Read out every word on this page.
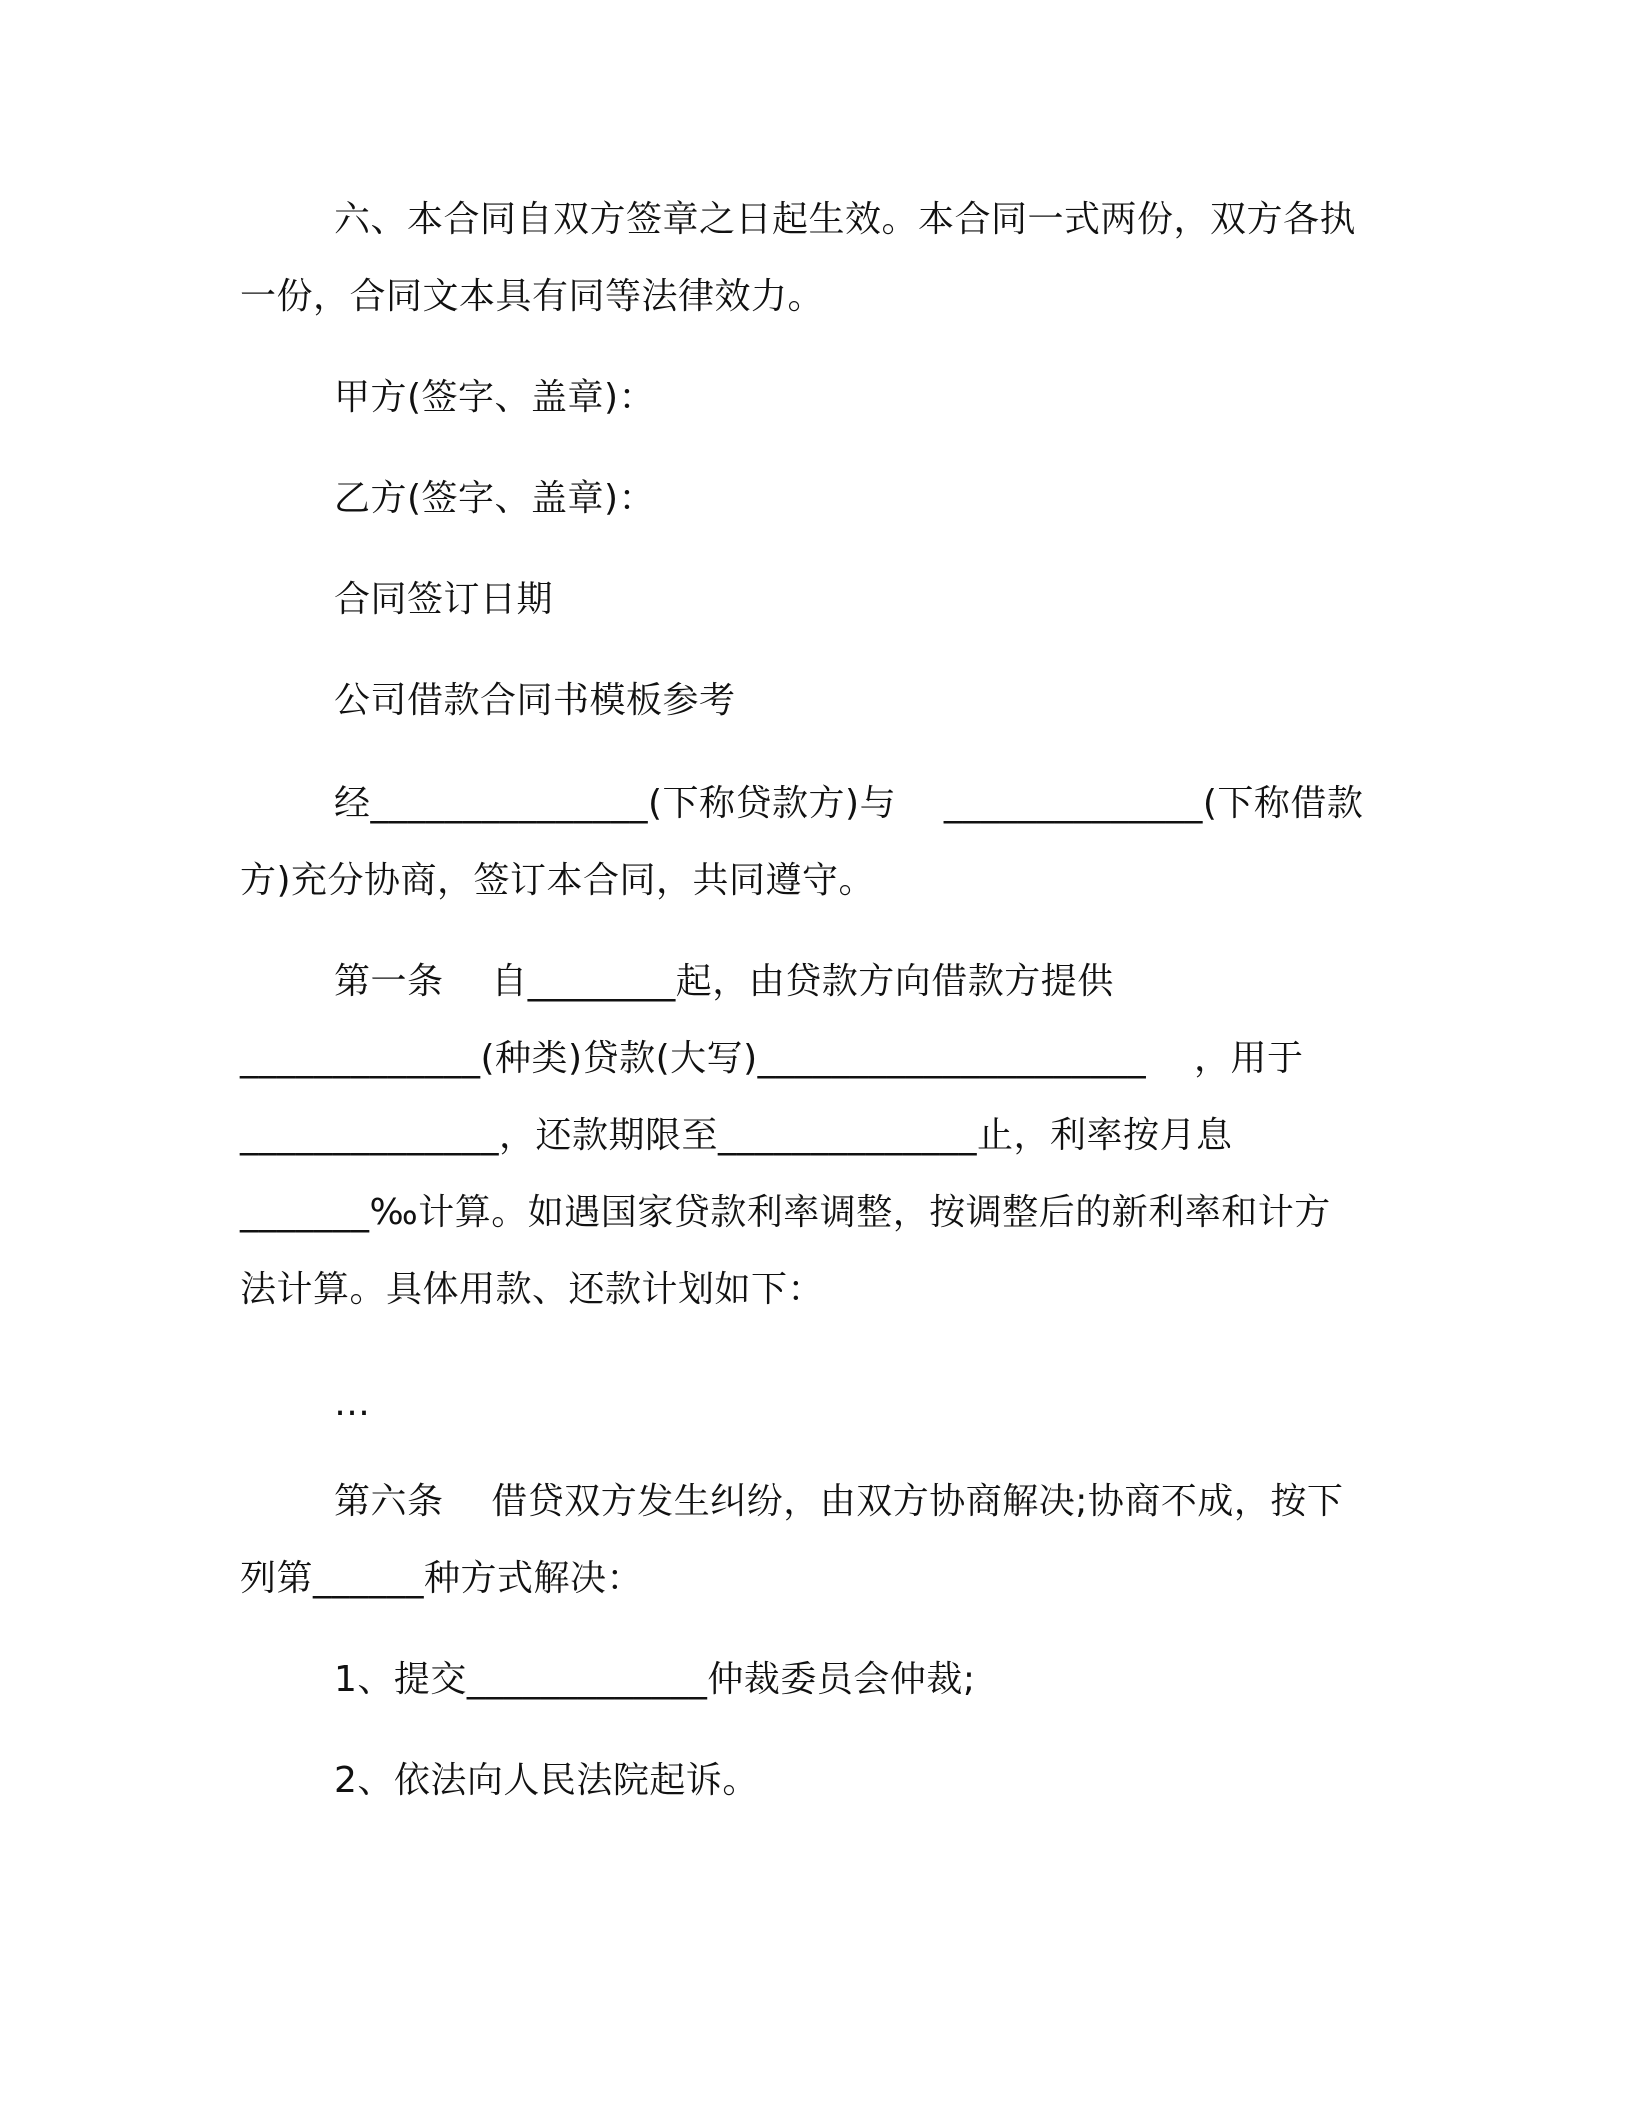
六、本合同自双方签章之日起生效。本合同一式两份，双方各执
一份，合同文本具有同等法律效力。
甲方(签字、盖章)：
乙方(签字、盖章)：
合同签订日期
公司借款合同书模板参考
经_______________(下称贷款方)与    ______________(下称借款
方)充分协商，签订本合同，共同遵守。
第一条    自________起，由贷款方向借款方提供
_____________(种类)贷款(大写)_____________________    ，用于
______________，还款期限至______________止，利率按月息
_______‰计算。如遇国家贷款利率调整，按调整后的新利率和计方
法计算。具体用款、还款计划如下：
…
第六条    借贷双方发生纠纷，由双方协商解决;协商不成，按下
列第______种方式解决：
1、提交_____________仲裁委员会仲裁;
2、依法向人民法院起诉。
